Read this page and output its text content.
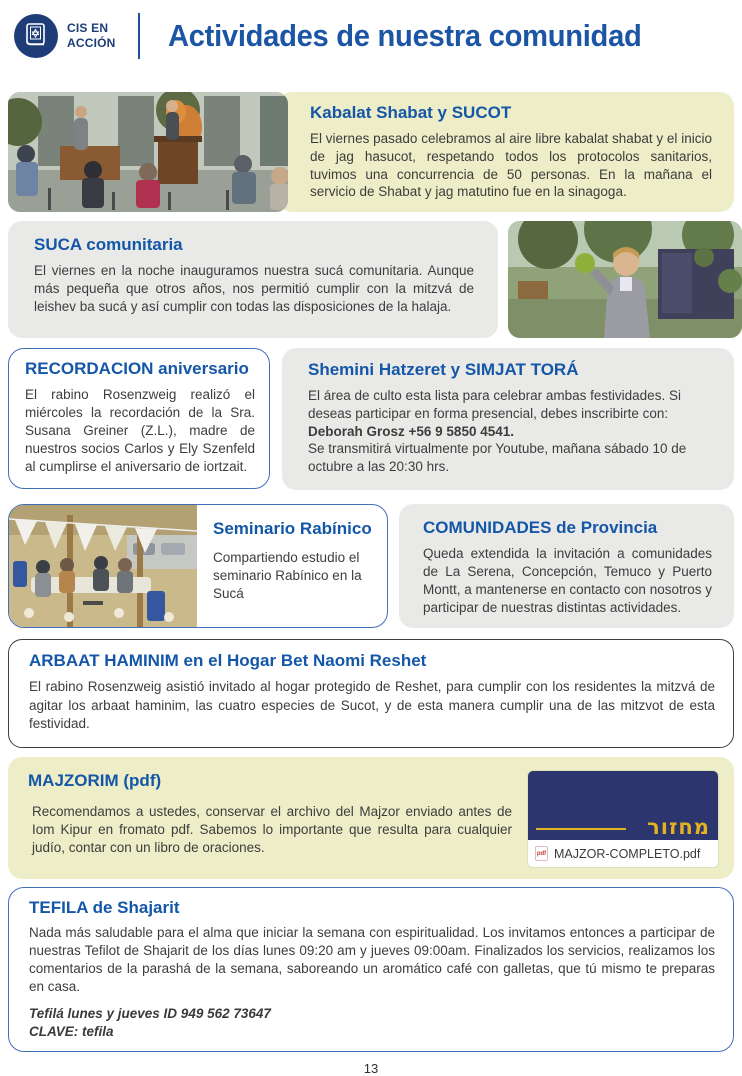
CIS EN
ACCIÓN Actividades de nuestra comunidad
Kabalat Shabat y SUCOT
El viernes pasado celebramos al aire libre kabalat shabat y el inicio de jag hasucot, respetando todos los protocolos sanitarios, tuvimos una concurrencia de 50 personas. En la mañana el servicio de Shabat y jag matutino fue en la sinagoga.
SUCA comunitaria
El viernes en la noche inauguramos nuestra sucá comunitaria. Aunque más pequeña que otros años, nos permitió cumplir con la mitzvá de leishev ba sucá y así cumplir con todas las disposiciones de la halaja.
RECORDACION aniversario
El rabino Rosenzweig realizó el miércoles la recordación de la Sra. Susana Greiner (Z.L.), madre de nuestros socios Carlos y Ely Szenfeld al cumplirse el aniversario de iortzait.
Shemini Hatzeret y SIMJAT TORÁ
El área de culto esta lista para celebrar ambas festividades. Si deseas participar en forma presencial, debes inscribirte con:
Deborah Grosz +56 9 5850 4541.
Se transmitirá virtualmente por Youtube, mañana sábado 10 de octubre a las 20:30 hrs.
Seminario Rabínico
Compartiendo estudio el seminario Rabínico en la Sucá
COMUNIDADES de Provincia
Queda extendida la invitación a comunidades de La Serena, Concepción, Temuco y Puerto Montt, a mantenerse en contacto con nosotros y participar de nuestras distintas actividades.
ARBAAT HAMINIM en el Hogar Bet Naomi Reshet
El rabino Rosenzweig asistió invitado al hogar protegido de Reshet, para cumplir con los residentes la mitzvá de agitar los arbaat haminim, las cuatro especies de Sucot, y de esta manera cumplir una de las mitzvot de esta festividad.
MAJZORIM (pdf)
Recomendamos a ustedes, conservar el archivo del Majzor enviado antes de Iom Kipur en fromato pdf. Sabemos lo importante que resulta para cualquier judío, contar con un libro de oraciones.
מחזור
pdf MAJZOR-COMPLETO.pdf
TEFILA de Shajarit
Nada más saludable para el alma que iniciar la semana con espiritualidad. Los invitamos entonces a participar de nuestras Tefilot de Shajarit de los días lunes 09:20 am y jueves 09:00am. Finalizados los servicios, realizamos los comentarios de la parashá de la semana, saboreando un aromático café con galletas, que tú mismo te preparas en casa.
Tefilá lunes y jueves ID 949 562 73647
CLAVE: tefila
13
